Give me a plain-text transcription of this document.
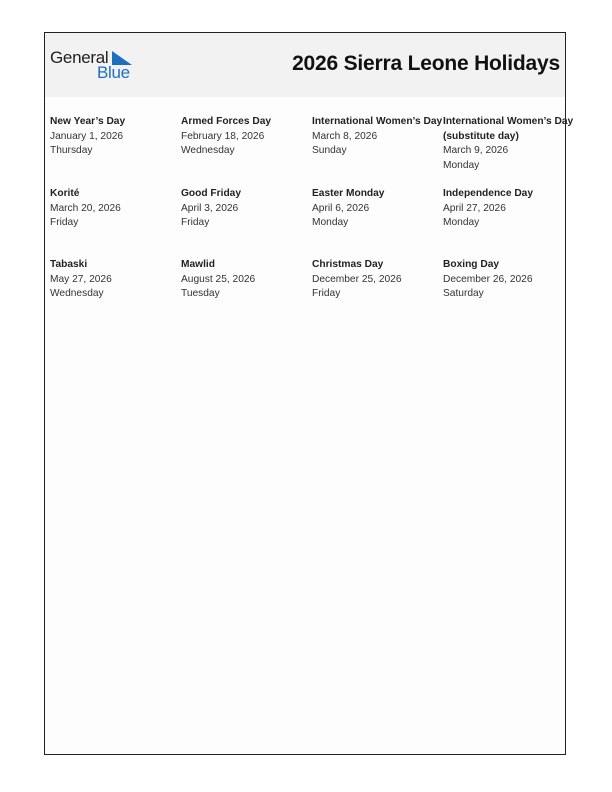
General
Blue	2026 Sierra Leone Holidays
New Year’s Day
January 1, 2026
Thursday
Armed Forces Day
February 18, 2026
Wednesday
International Women’s Day
March 8, 2026
Sunday
International Women’s Day (substitute day)
March 9, 2026
Monday
Korité
March 20, 2026
Friday
Good Friday
April 3, 2026
Friday
Easter Monday
April 6, 2026
Monday
Independence Day
April 27, 2026
Monday
Tabaski
May 27, 2026
Wednesday
Mawlid
August 25, 2026
Tuesday
Christmas Day
December 25, 2026
Friday
Boxing Day
December 26, 2026
Saturday
